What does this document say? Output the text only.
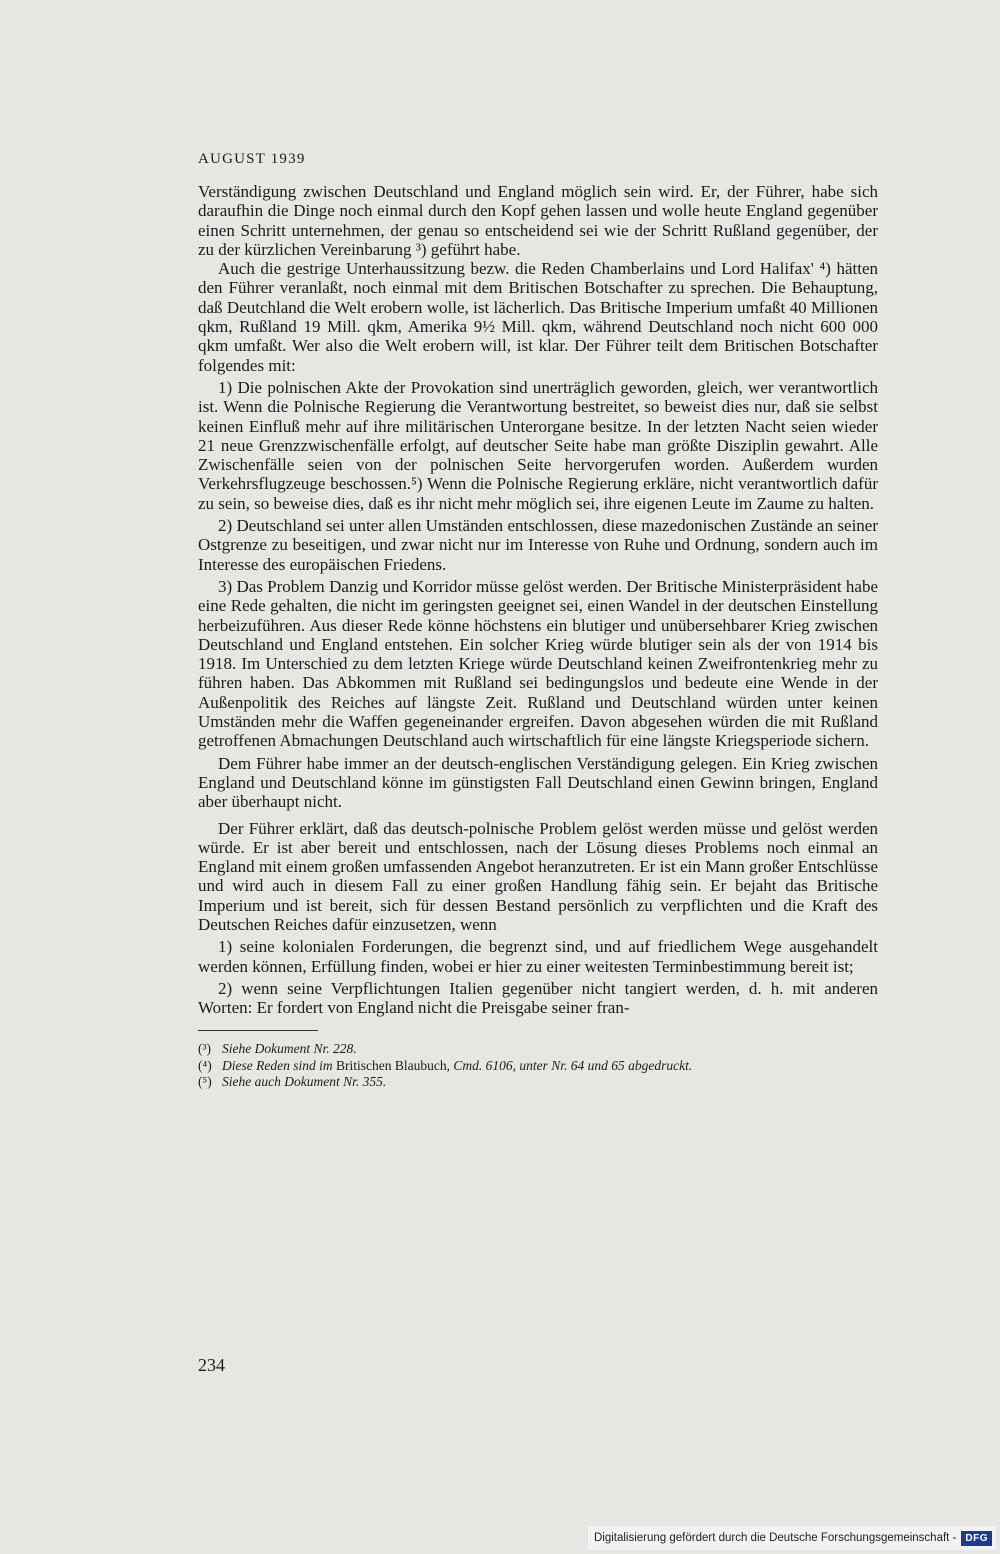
AUGUST 1939

Verständigung zwischen Deutschland und England möglich sein wird. Er, der Führer, habe sich daraufhin die Dinge noch einmal durch den Kopf gehen lassen und wolle heute England gegenüber einen Schritt unternehmen, der genau so entscheidend sei wie der Schritt Rußland gegenüber, der zu der kürzlichen Vereinbarung ³) geführt habe.

Auch die gestrige Unterhaussitzung bezw. die Reden Chamberlains und Lord Halifax' ⁴) hätten den Führer veranlaßt, noch einmal mit dem Britischen Botschafter zu sprechen. Die Behauptung, daß Deutchland die Welt erobern wolle, ist lächerlich. Das Britische Imperium umfaßt 40 Millionen qkm, Rußland 19 Mill. qkm, Amerika 9½ Mill. qkm, während Deutschland noch nicht 600 000 qkm umfaßt. Wer also die Welt erobern will, ist klar. Der Führer teilt dem Britischen Botschafter folgendes mit:

1) Die polnischen Akte der Provokation sind unerträglich geworden, gleich, wer verantwortlich ist. Wenn die Polnische Regierung die Verantwortung bestreitet, so beweist dies nur, daß sie selbst keinen Einfluß mehr auf ihre militärischen Unterorgane besitze. In der letzten Nacht seien wieder 21 neue Grenzzwischenfälle erfolgt, auf deutscher Seite habe man größte Disziplin gewahrt. Alle Zwischenfälle seien von der polnischen Seite hervorgerufen worden. Außerdem wurden Verkehrsflugzeuge beschossen.⁵) Wenn die Polnische Regierung erkläre, nicht verantwortlich dafür zu sein, so beweise dies, daß es ihr nicht mehr möglich sei, ihre eigenen Leute im Zaume zu halten.

2) Deutschland sei unter allen Umständen entschlossen, diese mazedonischen Zustände an seiner Ostgrenze zu beseitigen, und zwar nicht nur im Interesse von Ruhe und Ordnung, sondern auch im Interesse des europäischen Friedens.

3) Das Problem Danzig und Korridor müsse gelöst werden. Der Britische Ministerpräsident habe eine Rede gehalten, die nicht im geringsten geeignet sei, einen Wandel in der deutschen Einstellung herbeizuführen. Aus dieser Rede könne höchstens ein blutiger und unübersehbarer Krieg zwischen Deutschland und England entstehen. Ein solcher Krieg würde blutiger sein als der von 1914 bis 1918. Im Unterschied zu dem letzten Kriege würde Deutschland keinen Zweifrontenkrieg mehr zu führen haben. Das Abkommen mit Rußland sei bedingungslos und bedeute eine Wende in der Außenpolitik des Reiches auf längste Zeit. Rußland und Deutschland würden unter keinen Umständen mehr die Waffen gegeneinander ergreifen. Davon abgesehen würden die mit Rußland getroffenen Abmachungen Deutschland auch wirtschaftlich für eine längste Kriegsperiode sichern.

Dem Führer habe immer an der deutsch-englischen Verständigung gelegen. Ein Krieg zwischen England und Deutschland könne im günstigsten Fall Deutschland einen Gewinn bringen, England aber überhaupt nicht.

Der Führer erklärt, daß das deutsch-polnische Problem gelöst werden müsse und gelöst werden würde. Er ist aber bereit und entschlossen, nach der Lösung dieses Problems noch einmal an England mit einem großen umfassenden Angebot heranzutreten. Er ist ein Mann großer Entschlüsse und wird auch in diesem Fall zu einer großen Handlung fähig sein. Er bejaht das Britische Imperium und ist bereit, sich für dessen Bestand persönlich zu verpflichten und die Kraft des Deutschen Reiches dafür einzusetzen, wenn

1) seine kolonialen Forderungen, die begrenzt sind, und auf friedlichem Wege ausgehandelt werden können, Erfüllung finden, wobei er hier zu einer weitesten Terminbestimmung bereit ist;

2) wenn seine Verpflichtungen Italien gegenüber nicht tangiert werden, d. h. mit anderen Worten: Er fordert von England nicht die Preisgabe seiner fran-

(³) Siehe Dokument Nr. 228.

(⁴) Diese Reden sind im Britischen Blaubuch, Cmd. 6106, unter Nr. 64 und 65 abgedruckt.

(⁵) Siehe auch Dokument Nr. 355.

234
Digitalisierung gefördert durch die Deutsche Forschungsgemeinschaft - DFG
